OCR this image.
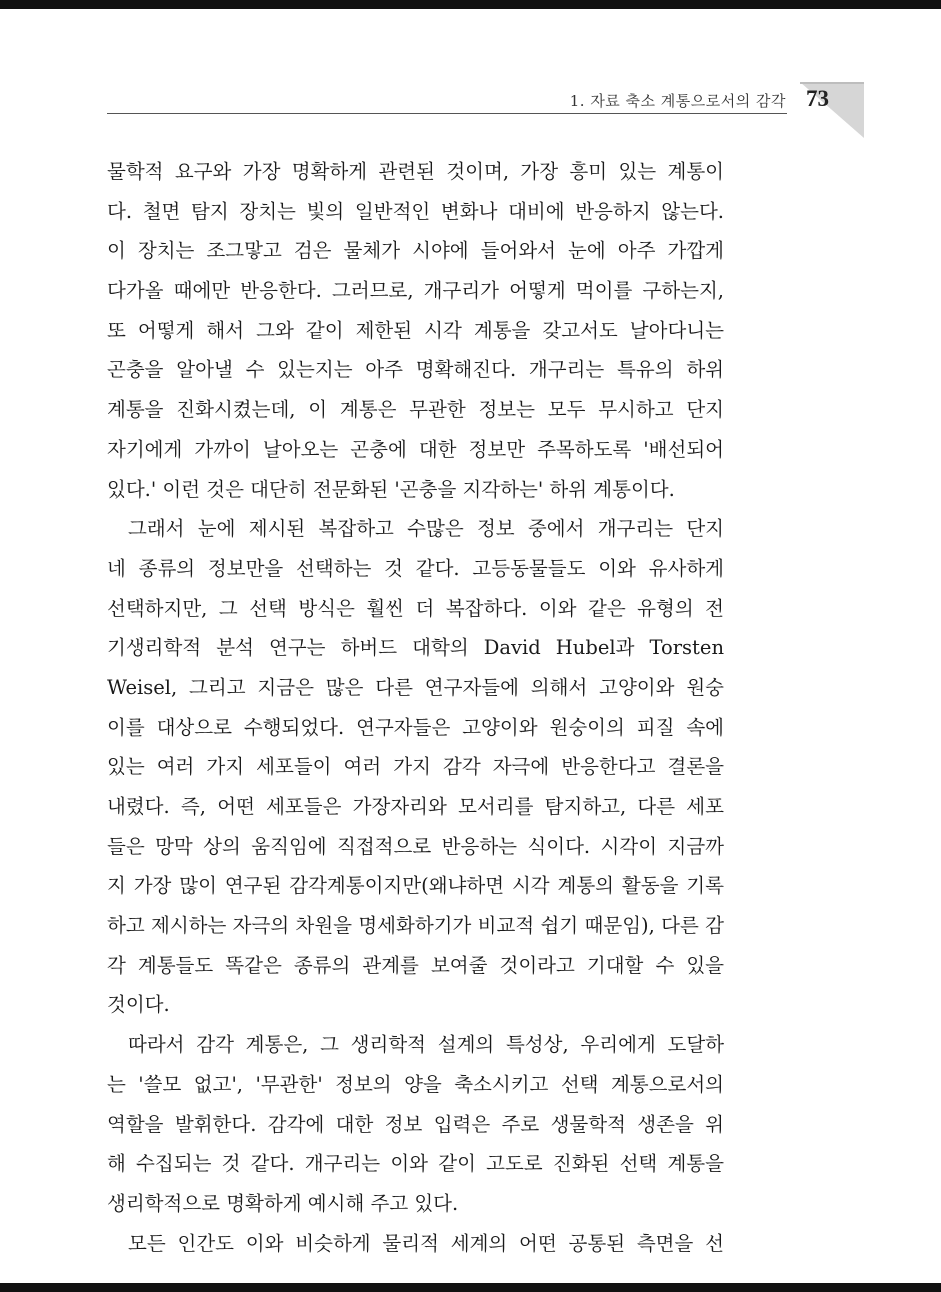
1. 자료 축소 계통으로서의 감각 73
물학적 요구와 가장 명확하게 관련된 것이며, 가장 흥미 있는 계통이
다. 철면 탐지 장치는 빛의 일반적인 변화나 대비에 반응하지 않는다.
이 장치는 조그맣고 검은 물체가 시야에 들어와서 눈에 아주 가깝게
다가올 때에만 반응한다. 그러므로, 개구리가 어떻게 먹이를 구하는지,
또 어떻게 해서 그와 같이 제한된 시각 계통을 갖고서도 날아다니는
곤충을 알아낼 수 있는지는 아주 명확해진다. 개구리는 특유의 하위
계통을 진화시켰는데, 이 계통은 무관한 정보는 모두 무시하고 단지
자기에게 가까이 날아오는 곤충에 대한 정보만 주목하도록 '배선되어
있다.' 이런 것은 대단히 전문화된 '곤충을 지각하는' 하위 계통이다.
그래서 눈에 제시된 복잡하고 수많은 정보 중에서 개구리는 단지
네 종류의 정보만을 선택하는 것 같다. 고등동물들도 이와 유사하게
선택하지만, 그 선택 방식은 훨씬 더 복잡하다. 이와 같은 유형의 전
기생리학적 분석 연구는 하버드 대학의 David Hubel과 Torsten
Weisel, 그리고 지금은 많은 다른 연구자들에 의해서 고양이와 원숭
이를 대상으로 수행되었다. 연구자들은 고양이와 원숭이의 피질 속에
있는 여러 가지 세포들이 여러 가지 감각 자극에 반응한다고 결론을
내렸다. 즉, 어떤 세포들은 가장자리와 모서리를 탐지하고, 다른 세포
들은 망막 상의 움직임에 직접적으로 반응하는 식이다. 시각이 지금까
지 가장 많이 연구된 감각계통이지만(왜냐하면 시각 계통의 활동을 기록
하고 제시하는 자극의 차원을 명세화하기가 비교적 쉽기 때문임), 다른 감
각 계통들도 똑같은 종류의 관계를 보여줄 것이라고 기대할 수 있을
것이다.
따라서 감각 계통은, 그 생리학적 설계의 특성상, 우리에게 도달하
는 '쓸모 없고', '무관한' 정보의 양을 축소시키고 선택 계통으로서의
역할을 발휘한다. 감각에 대한 정보 입력은 주로 생물학적 생존을 위
해 수집되는 것 같다. 개구리는 이와 같이 고도로 진화된 선택 계통을
생리학적으로 명확하게 예시해 주고 있다.
모든 인간도 이와 비슷하게 물리적 세계의 어떤 공통된 측면을 선
